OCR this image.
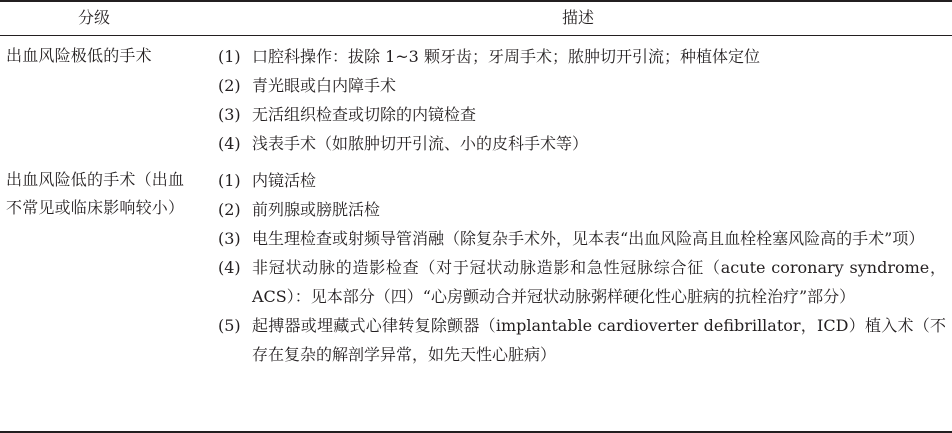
分级	描述
出血风险极低的手术	(1) 口腔科操作：拔除 1~3 颗牙齿；牙周手术；脓肿切开引流；种植体定位
(2) 青光眼或白内障手术
(3) 无活组织检查或切除的内镜检查
(4) 浅表手术（如脓肿切开引流、小的皮科手术等）
出血风险低的手术（出血不常见或临床影响较小）
(1) 内镜活检
(2) 前列腺或膀胱活检
(3) 电生理检查或射频导管消融（除复杂手术外，见本表“出血风险高且血栓栓塞风险高的手术”项）
(4) 非冠状动脉的造影检查（对于冠状动脉造影和急性冠脉综合征（acute coronary syndrome，ACS）：见本部分（四）“心房颤动合并冠状动脉粥样硬化性心脏病的抗栓治疗”部分）
(5) 起搏器或埋藏式心律转复除颤器（implantable cardioverter defibrillator，ICD）植入术（不存在复杂的解剖学异常，如先天性心脏病）
